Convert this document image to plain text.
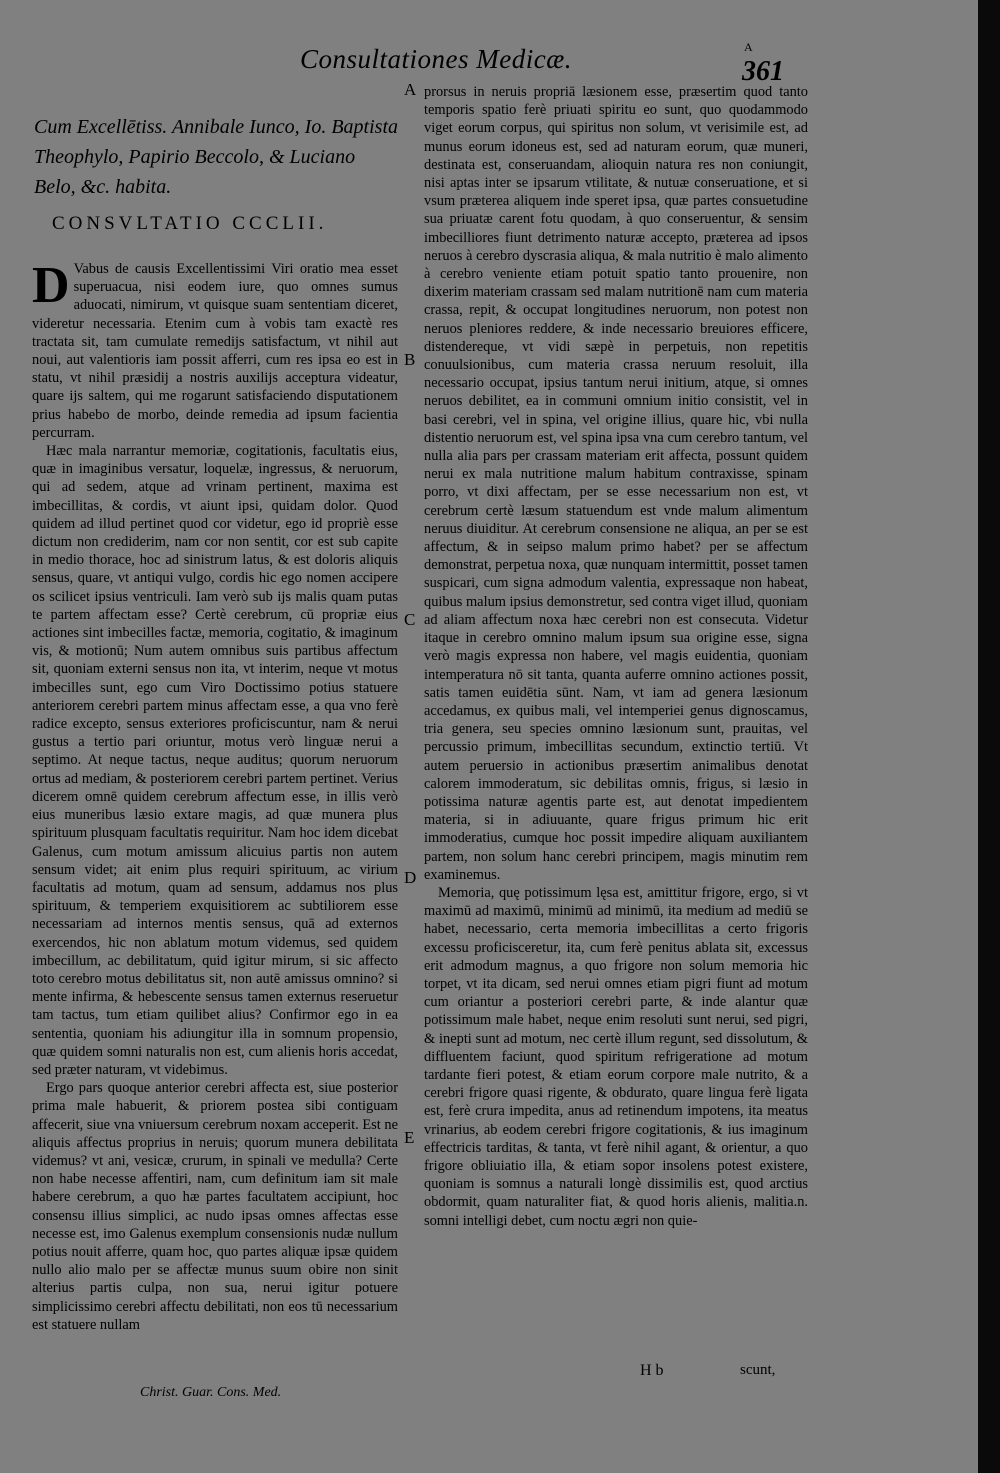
A
Consultationes Medicæ.	361
Cum Excellētiss. Annibale Iunco, Io. Baptista
Theophylo, Papirio Beccolo, & Luciano
Belo, &c. habita.
CONSVLTATIO CCCLII.

D Vabus de causis Excellentissimi Viri oratio mea esset superuacua, nisi eodem iure, quo omnes sumus aduocati, nimirum, vt quisque suam sententiam diceret, videretur necessaria. Etenim cum à vobis tam exactè res tractata sit, tam cumulate remedijs satisfactum, vt nihil aut noui, aut valentioris iam possit afferri, cum res ipsa eo est in statu, vt nihil præsidij a nostris auxilijs acceptura videatur, quare ijs saltem, qui me rogarunt satisfaciendo disputationem prius habebo de morbo, deinde remedia ad ipsum facientia percurram.

Hæc mala narrantur memoriæ, cogitationis, facultatis eius, quæ in imaginibus versatur, loquelæ, ingressus, & neruorum, qui ad sedem, atque ad vrinam pertinent, maxima est imbecillitas, & cordis, vt aiunt ipsi, quidam dolor. Quod quidem ad illud pertinet quod cor videtur, ego id propriè esse dictum non crediderim, nam cor non sentit, cor est sub capite in medio thorace, hoc ad sinistrum latus, & est doloris aliquis sensus, quare, vt antiqui vulgo, cordis hic ego nomen accipere os scilicet ipsius ventriculi. Iam verò sub ijs malis quam putas te partem affectam esse? Certè cerebrum, cū propriæ eius actiones sint imbecilles factæ, memoria, cogitatio, & imaginum vis, & motionū; Num autem omnibus suis partibus affectum sit, quoniam externi sensus non ita, vt interim, neque vt motus imbecilles sunt, ego cum Viro Doctissimo potius statuere anteriorem cerebri partem minus affectam esse, a qua vno ferè radice excepto, sensus exteriores proficiscuntur, nam & nerui gustus a tertio pari oriuntur, motus verò linguæ nerui a septimo. At neque tactus, neque auditus; quorum neruorum ortus ad mediam, & posteriorem cerebri partem pertinet. Verius dicerem omnē quidem cerebrum affectum esse, in illis verò eius muneribus læsio extare magis, ad quæ munera plus spirituum plusquam facultatis requiritur. Nam hoc idem dicebat Galenus, cum motum amissum alicuius partis non autem sensum videt; ait enim plus requiri spirituum, ac virium facultatis ad motum, quam ad sensum, addamus nos plus spirituum, & temperiem exquisitiorem ac subtiliorem esse necessariam ad internos mentis sensus, quā ad externos exercendos, hic non ablatum motum videmus, sed quidem imbecillum, ac debilitatum, quid igitur mirum, si sic affecto toto cerebro motus debilitatus sit, non autē amissus omnino? si mente infirma, & hebescente sensus tamen externus reseruetur tam tactus, tum etiam quilibet alius? Confirmor ego in ea sententia, quoniam his adiungitur illa in somnum propensio, quæ quidem somni naturalis non est, cum alienis horis accedat, sed præter naturam, vt videbimus.

Ergo pars quoque anterior cerebri affecta est, siue posterior prima male habuerit, & priorem postea sibi contiguam affecerit, siue vna vniuersum cerebrum noxam acceperit. Est ne aliquis affectus proprius in neruis; quorum munera debilitata videmus? vt ani, vesicæ, crurum, in spinali ve medulla? Certe non habe necesse affentiri, nam, cum definitum iam sit male habere cerebrum, a quo hæ partes facultatem accipiunt, hoc consensu illius simplici, ac nudo ipsas omnes affectas esse necesse est, imo Galenus exemplum consensionis nudæ nullum potius nouit afferre, quam hoc, quo partes aliquæ ipsæ quidem nullo alio malo per se affectæ munus suum obire non sinit alterius partis culpa, non sua, nerui igitur potuere simplicissimo cerebri affectu debilitati, non eos tū necessarium est statuere nullam

A
B
C
D
E

prorsus in neruis propriā læsionem esse, præsertim quod tanto temporis spatio ferè priuati spiritu eo sunt, quo quodammodo viget eorum corpus, qui spiritus non solum, vt verisimile est, ad munus eorum idoneus est, sed ad naturam eorum, quæ muneri, destinata est, conseruandam, alioquin natura res non coniungit, nisi aptas inter se ipsarum vtilitate, & nutuæ conseruatione, et si vsum præterea aliquem inde speret ipsa, quæ partes consuetudine sua priuatæ carent fotu quodam, à quo conseruentur, & sensim imbecilliores fiunt detrimento naturæ accepto, præterea ad ipsos neruos à cerebro dyscrasia aliqua, & mala nutritio è malo alimento à cerebro veniente etiam potuit spatio tanto prouenire, non dixerim materiam crassam sed malam nutritionē nam cum materia crassa, repit, & occupat longitudines neruorum, non potest non neruos pleniores reddere, & inde necessario breuiores efficere, distendereque, vt vidi sæpè in perpetuis, non repetitis conuulsionibus, cum materia crassa neruum resoluit, illa necessario occupat, ipsius tantum nerui initium, atque, si omnes neruos debilitet, ea in communi omnium initio consistit, vel in basi cerebri, vel in spina, vel origine illius, quare hic, vbi nulla distentio neruorum est, vel spina ipsa vna cum cerebro tantum, vel nulla alia pars per crassam materiam erit affecta, possunt quidem nerui ex mala nutritione malum habitum contraxisse, spinam porro, vt dixi affectam, per se esse necessarium non est, vt cerebrum certè læsum statuendum est vnde malum alimentum neruus diuiditur. At cerebrum consensione ne aliqua, an per se est affectum, & in seipso malum primo habet? per se affectum demonstrat, perpetua noxa, quæ nunquam intermittit, posset tamen suspicari, cum signa admodum valentia, expressaque non habeat, quibus malum ipsius demonstretur, sed contra viget illud, quoniam ad aliam affectum noxa hæc cerebri non est consecuta. Videtur itaque in cerebro omnino malum ipsum sua origine esse, signa verò magis expressa non habere, vel magis euidentia, quoniam intemperatura nō sit tanta, quanta auferre omnino actiones possit, satis tamen euidētia sūnt. Nam, vt iam ad genera læsionum accedamus, ex quibus mali, vel intemperiei genus dignoscamus, tria genera, seu species omnino læsionum sunt, prauitas, vel percussio primum, imbecillitas secundum, extinctio tertiū. Vt autem peruersio in actionibus præsertim animalibus denotat calorem immoderatum, sic debilitas omnis, frigus, si læsio in potissima naturæ agentis parte est, aut denotat impedientem materia, si in adiuuante, quare frigus primum hic erit immoderatius, cumque hoc possit impedire aliquam auxiliantem partem, non solum hanc cerebri principem, magis minutim rem examinemus.

Memoria, quę potissimum lęsa est, amittitur frigore, ergo, si vt maximū ad maximū, minimū ad minimū, ita medium ad mediū se habet, necessario, certa memoria imbecillitas a certo frigoris excessu proficisceretur, ita, cum ferè penitus ablata sit, excessus erit admodum magnus, a quo frigore non solum memoria hic torpet, vt ita dicam, sed nerui omnes etiam pigri fiunt ad motum cum oriantur a posteriori cerebri parte, & inde alantur quæ potissimum male habet, neque enim resoluti sunt nerui, sed pigri, & inepti sunt ad motum, nec certè illum regunt, sed dissolutum, & diffluentem faciunt, quod spiritum refrigeratione ad motum tardante fieri potest, & etiam eorum corpore male nutrito, & a cerebri frigore quasi rigente, & obdurato, quare lingua ferè ligata est, ferè crura impedita, anus ad retinendum impotens, ita meatus vrinarius, ab eodem cerebri frigore cogitationis, & ius imaginum effectricis tarditas, & tanta, vt ferè nihil agant, & orientur, a quo frigore obliuiatio illa, & etiam sopor insolens potest existere, quoniam is somnus a naturali longè dissimilis est, quod arctius obdormit, quam naturaliter fiat, & quod horis alienis, malitia.n. somni intelligi debet, cum noctu ægri non quie-

H b	scunt,
Christ. Guar. Cons. Med.
